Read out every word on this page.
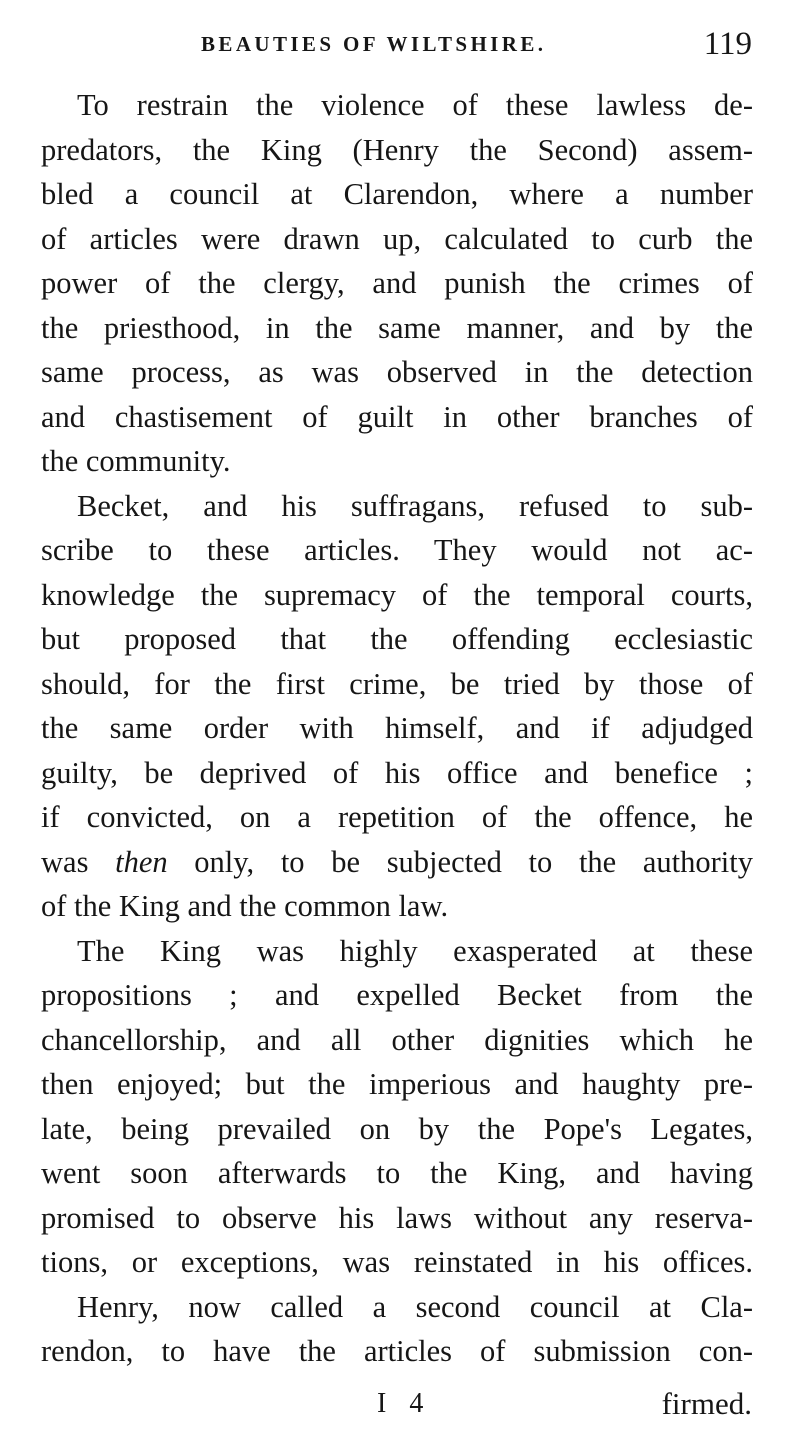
BEAUTIES OF WILTSHIRE.	119
To restrain the violence of these lawless de-
predators, the King (Henry the Second) assem-
bled a council at Clarendon, where a number
of articles were drawn up, calculated to curb the
power of the clergy, and punish the crimes of
the priesthood, in the same manner, and by the
same process, as was observed in the detection
and chastisement of guilt in other branches of
the community.
Becket, and his suffragans, refused to sub-
scribe to these articles. They would not ac-
knowledge the supremacy of the temporal courts,
but proposed that the offending ecclesiastic
should, for the first crime, be tried by those of
the same order with himself, and if adjudged
guilty, be deprived of his office and benefice ;
if convicted, on a repetition of the offence, he
was then only, to be subjected to the authority
of the King and the common law.
The King was highly exasperated at these
propositions ; and expelled Becket from the
chancellorship, and all other dignities which he
then enjoyed; but the imperious and haughty pre-
late, being prevailed on by the Pope's Legates,
went soon afterwards to the King, and having
promised to observe his laws without any reserva-
tions, or exceptions, was reinstated in his offices.
Henry, now called a second council at Cla-
rendon, to have the articles of submission con-
I 4	firmed.
